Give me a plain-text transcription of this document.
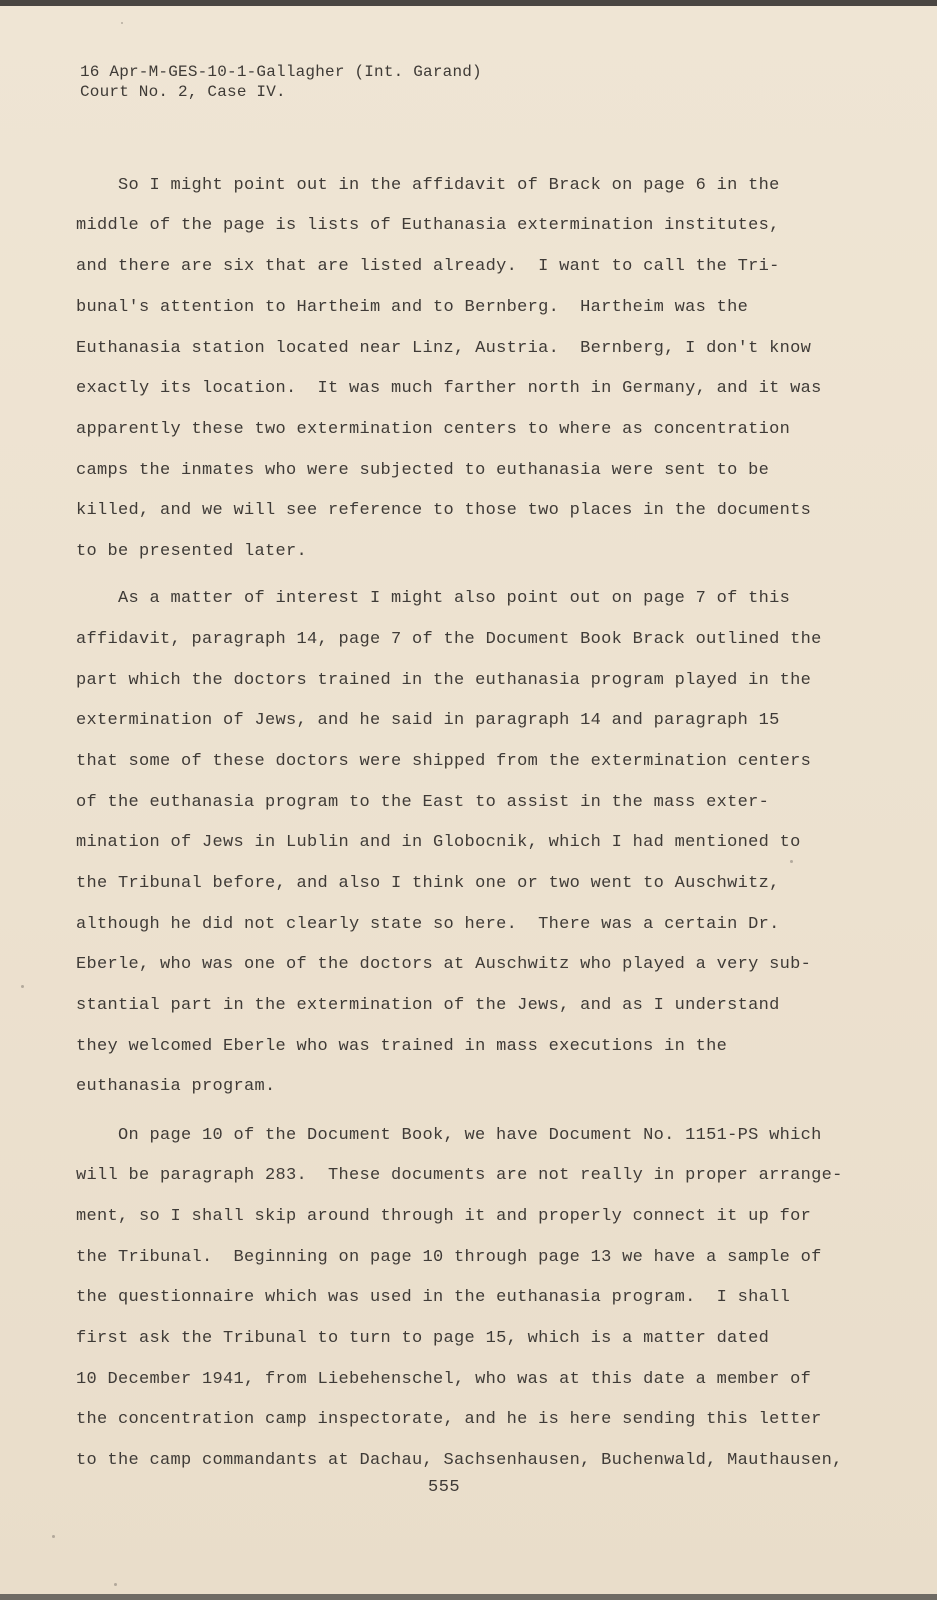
16 Apr-M-GES-10-1-Gallagher (Int. Garand)
Court No. 2, Case IV.
So I might point out in the affidavit of Brack on page 6 in the
middle of the page is lists of Euthanasia extermination institutes,
and there are six that are listed already.  I want to call the Tri-
bunal's attention to Hartheim and to Bernberg.  Hartheim was the
Euthanasia station located near Linz, Austria.  Bernberg, I don't know
exactly its location.  It was much farther north in Germany, and it was
apparently these two extermination centers to where as concentration
camps the inmates who were subjected to euthanasia were sent to be
killed, and we will see reference to those two places in the documents
to be presented later.
As a matter of interest I might also point out on page 7 of this
affidavit, paragraph 14, page 7 of the Document Book Brack outlined the
part which the doctors trained in the euthanasia program played in the
extermination of Jews, and he said in paragraph 14 and paragraph 15
that some of these doctors were shipped from the extermination centers
of the euthanasia program to the East to assist in the mass exter-
mination of Jews in Lublin and in Globocnik, which I had mentioned to
the Tribunal before, and also I think one or two went to Auschwitz,
although he did not clearly state so here.  There was a certain Dr.
Eberle, who was one of the doctors at Auschwitz who played a very sub-
stantial part in the extermination of the Jews, and as I understand
they welcomed Eberle who was trained in mass executions in the
euthanasia program.
On page 10 of the Document Book, we have Document No. 1151-PS which
will be paragraph 283.  These documents are not really in proper arrange-
ment, so I shall skip around through it and properly connect it up for
the Tribunal.  Beginning on page 10 through page 13 we have a sample of
the questionnaire which was used in the euthanasia program.  I shall
first ask the Tribunal to turn to page 15, which is a matter dated
10 December 1941, from Liebehenschel, who was at this date a member of
the concentration camp inspectorate, and he is here sending this letter
to the camp commandants at Dachau, Sachsenhausen, Buchenwald, Mauthausen,
555
